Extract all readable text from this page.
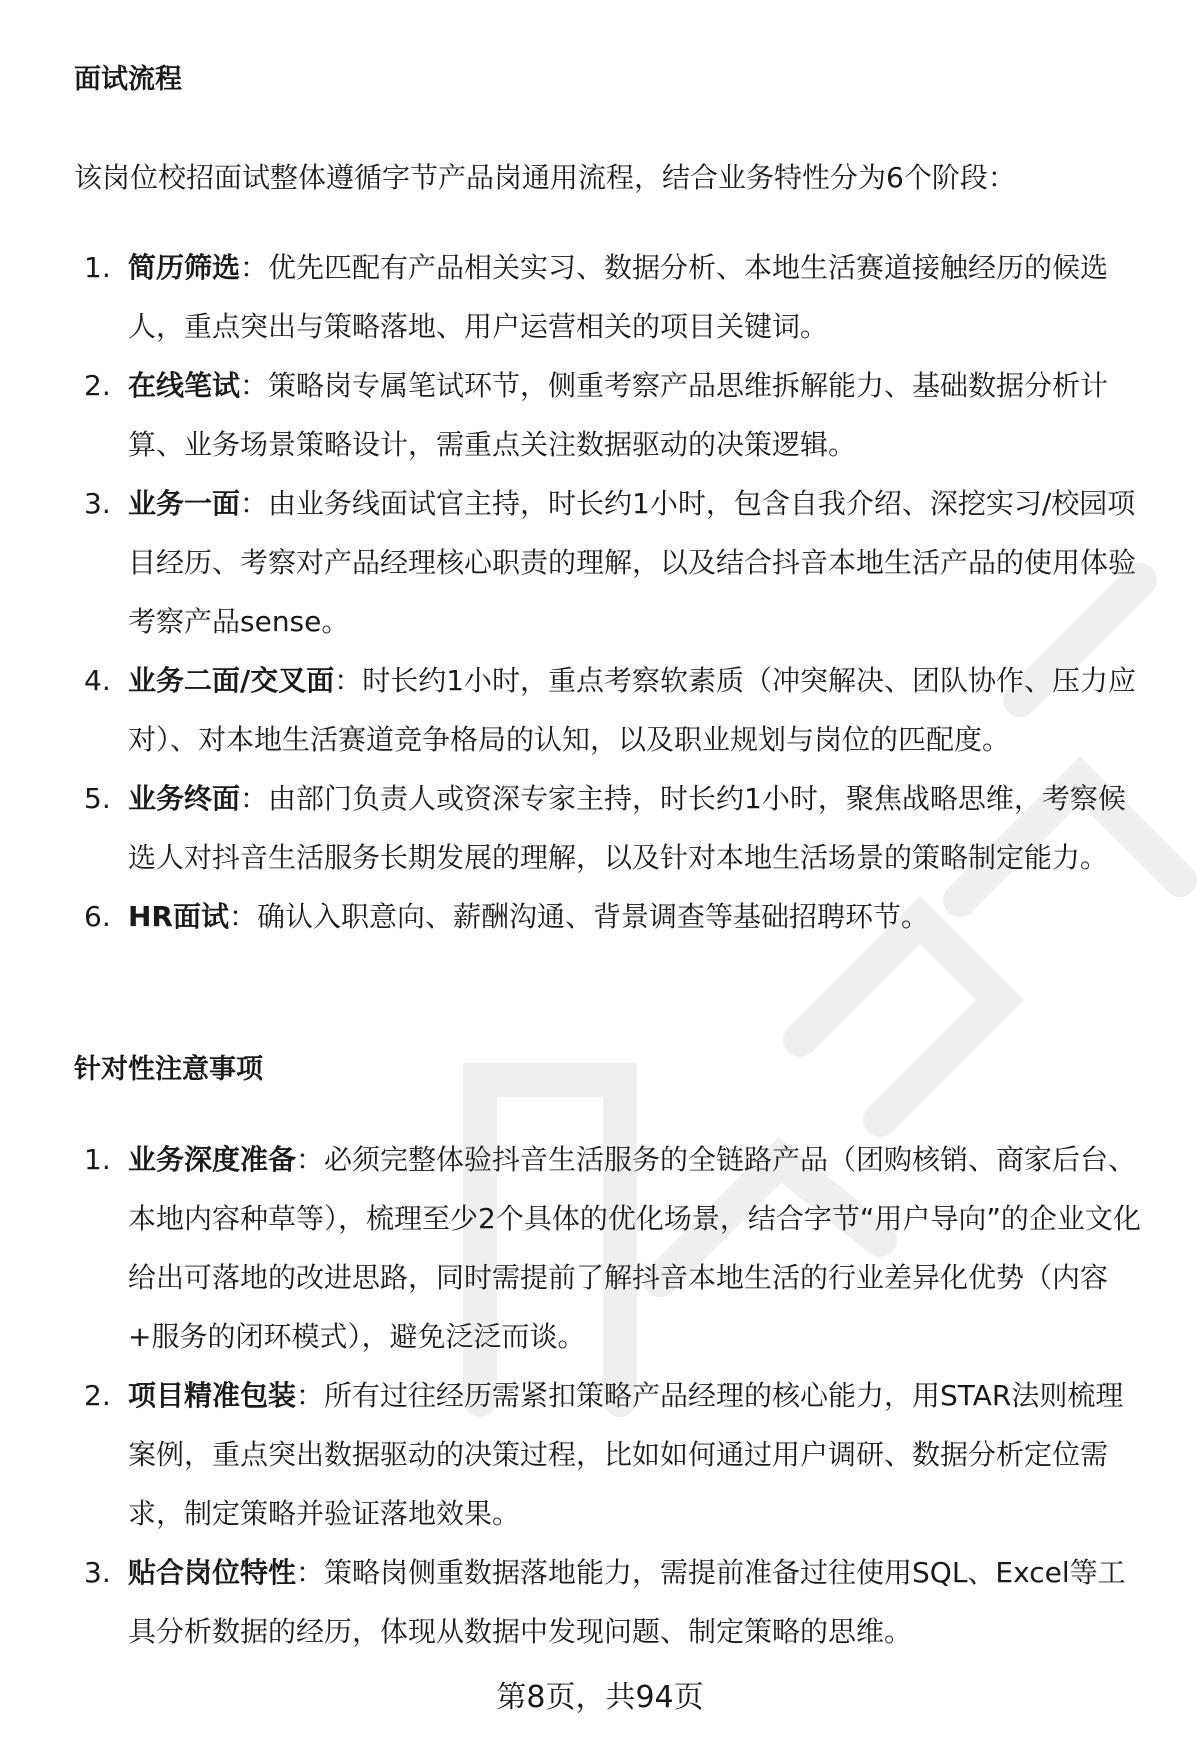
面试流程

该岗位校招面试整体遵循字节产品岗通用流程，结合业务特性分为6个阶段：

1. 简历筛选：优先匹配有产品相关实习、数据分析、本地生活赛道接触经历的候选人，重点突出与策略落地、用户运营相关的项目关键词。
2. 在线笔试：策略岗专属笔试环节，侧重考察产品思维拆解能力、基础数据分析计算、业务场景策略设计，需重点关注数据驱动的决策逻辑。
3. 业务一面：由业务线面试官主持，时长约1小时，包含自我介绍、深挖实习/校园项目经历、考察对产品经理核心职责的理解，以及结合抖音本地生活产品的使用体验考察产品sense。
4. 业务二面/交叉面：时长约1小时，重点考察软素质（冲突解决、团队协作、压力应对）、对本地生活赛道竞争格局的认知，以及职业规划与岗位的匹配度。
5. 业务终面：由部门负责人或资深专家主持，时长约1小时，聚焦战略思维，考察候选人对抖音生活服务长期发展的理解，以及针对本地生活场景的策略制定能力。
6. HR面试：确认入职意向、薪酬沟通、背景调查等基础招聘环节。
针对性注意事项
1. 业务深度准备：必须完整体验抖音生活服务的全链路产品（团购核销、商家后台、本地内容种草等），梳理至少2个具体的优化场景，结合字节“用户导向”的企业文化给出可落地的改进思路，同时需提前了解抖音本地生活的行业差异化优势（内容+服务的闭环模式），避免泛泛而谈。
2. 项目精准包装：所有过往经历需紧扣策略产品经理的核心能力，用STAR法则梳理案例，重点突出数据驱动的决策过程，比如如何通过用户调研、数据分析定位需求，制定策略并验证落地效果。
3. 贴合岗位特性：策略岗侧重数据落地能力，需提前准备过往使用SQL、Excel等工具分析数据的经历，体现从数据中发现问题、制定策略的思维。
第8页，共94页
